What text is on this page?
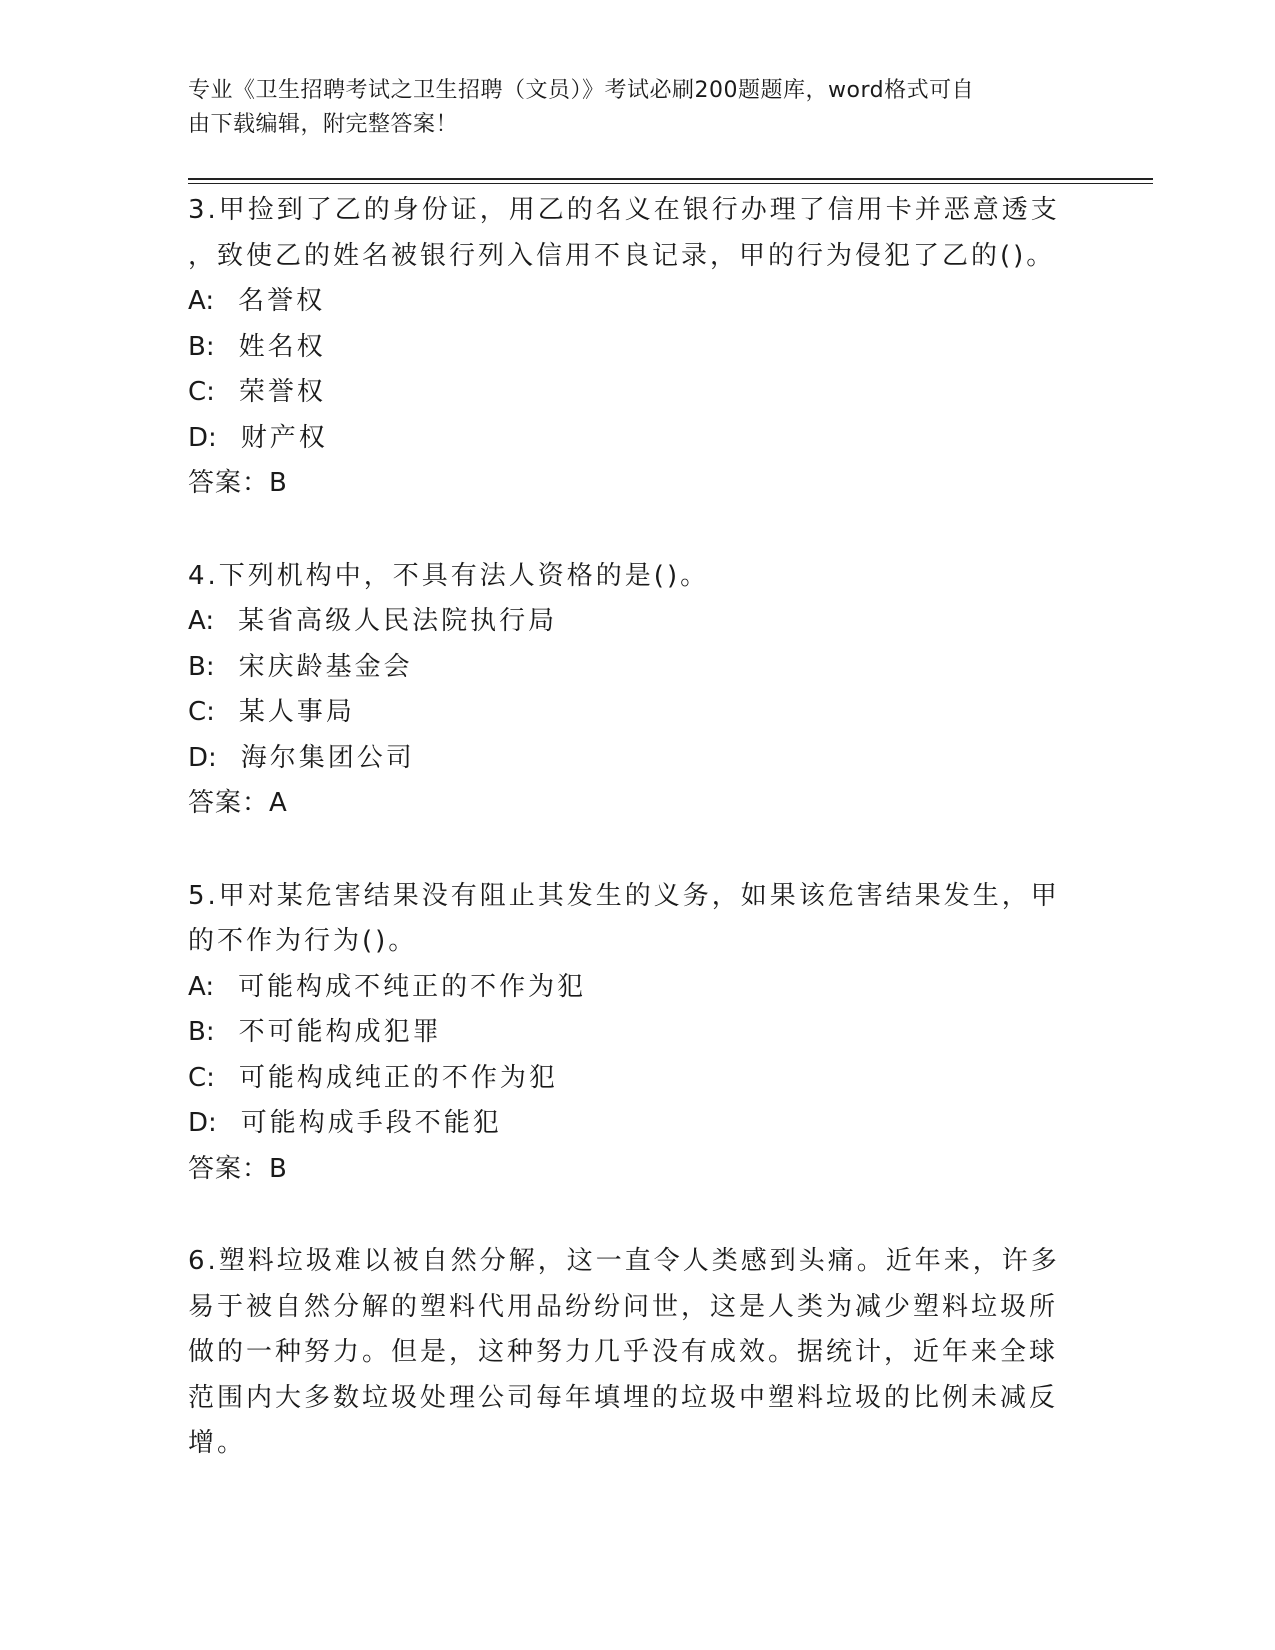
专业《卫生招聘考试之卫生招聘（文员）》考试必刷200题题库，word格式可自
由下载编辑，附完整答案！
3.甲捡到了乙的身份证，用乙的名义在银行办理了信用卡并恶意透支
，致使乙的姓名被银行列入信用不良记录，甲的行为侵犯了乙的()。
A: 名誉权
B: 姓名权
C: 荣誉权
D: 财产权
答案：B
4.下列机构中，不具有法人资格的是()。
A: 某省高级人民法院执行局
B: 宋庆龄基金会
C: 某人事局
D: 海尔集团公司
答案：A
5.甲对某危害结果没有阻止其发生的义务，如果该危害结果发生，甲
的不作为行为()。
A: 可能构成不纯正的不作为犯
B: 不可能构成犯罪
C: 可能构成纯正的不作为犯
D: 可能构成手段不能犯
答案：B
6.塑料垃圾难以被自然分解，这一直令人类感到头痛。近年来，许多
易于被自然分解的塑料代用品纷纷问世，这是人类为减少塑料垃圾所
做的一种努力。但是，这种努力几乎没有成效。据统计，近年来全球
范围内大多数垃圾处理公司每年填埋的垃圾中塑料垃圾的比例未减反
增。
